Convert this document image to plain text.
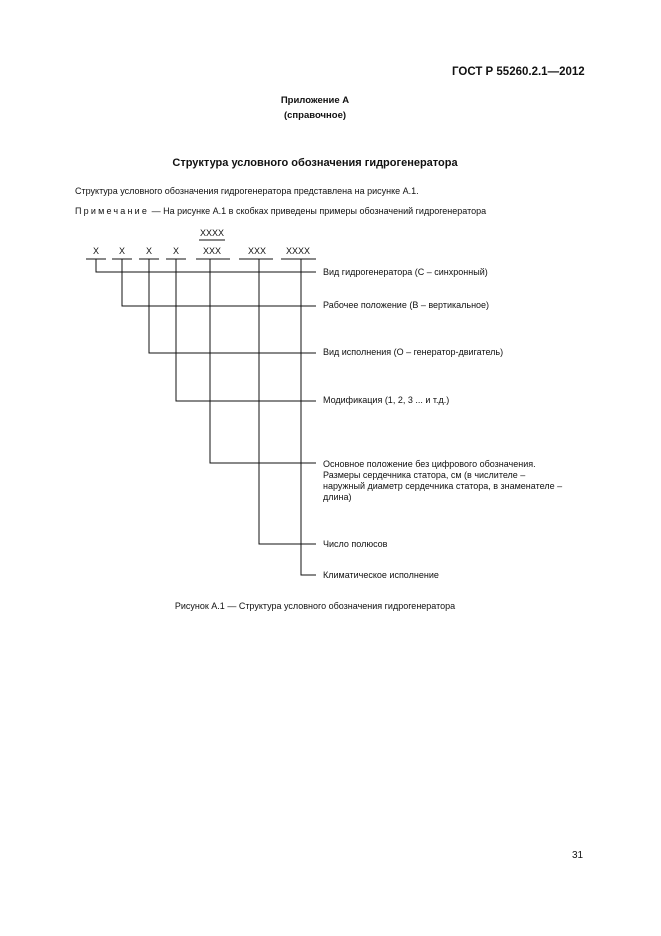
ГОСТ Р 55260.2.1—2012
Приложение А
(справочное)
Структура условного обозначения гидрогенератора
Структура условного обозначения гидрогенератора представлена на рисунке А.1.
Примечание — На рисунке А.1 в скобках приведены примеры обозначений гидрогенератора
ХХХХ
Х Х Х Х	ХХХ	ХХХ ХХХХ
Вид гидрогенератора (С – синхронный)
Рабочее положение (В – вертикальное)
Вид исполнения (О – генератор-двигатель)
Модификация (1, 2, 3 ... и т.д.)
Основное положение без цифрового обозначения. Размеры сердечника статора, см (в числителе – наружный диаметр сердечника статора, в знаменателе – длина)
Число полюсов
Климатическое исполнение
Рисунок А.1 — Структура условного обозначения гидрогенератора
31
